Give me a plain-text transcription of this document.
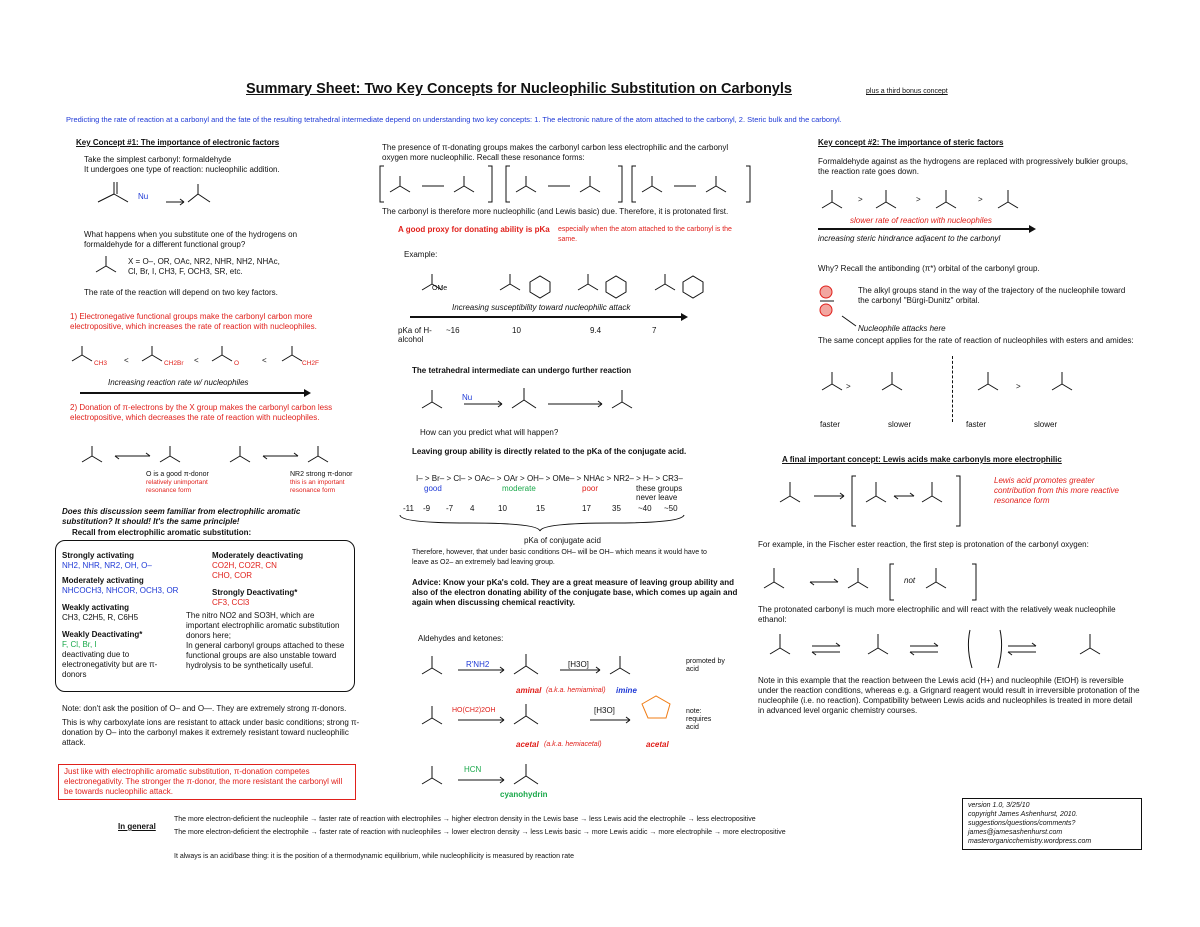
Summary Sheet: Two Key Concepts for Nucleophilic Substitution on Carbonyls	plus a third bonus concept
Predicting the rate of reaction at a carbonyl and the fate of the resulting tetrahedral intermediate depend on understanding two key concepts: 1. The electronic nature of the atom attached to the carbonyl, 2. Steric bulk and the carbonyl.
Key Concept #1: The importance of electronic factors
Take the simplest carbonyl: formaldehyde
It undergoes one type of reaction: nucleophilic addition.
Nu
What happens when you substitute one of the hydrogens on formaldehyde for a different functional group?
X = O–, OR, OAc, NR2, NHR, NH2, NHAc,
Cl, Br, I, CH3, F, OCH3, SR, etc.
The rate of the reaction will depend on two key factors.
1) Electronegative functional groups make the carbonyl carbon more electropositive, which increases the rate of reaction with nucleophiles.
CH3	CH2Br	O	CH2F
<	<	<
Increasing reaction rate w/ nucleophiles
2) Donation of π-electrons by the X group makes the carbonyl carbon less electropositive, which decreases the rate of reaction with nucleophiles.
O is a good π-donor
relatively unimportant resonance form
NR2 strong π-donor
this is an important resonance form
Does this discussion seem familiar from electrophilic aromatic substitution? It should! It's the same principle!
Recall from electrophilic aromatic substitution:
Strongly activating
NH2, NHR, NR2, OH, O–
Moderately activating
NHCOCH3, NHCOR, OCH3, OR
Weakly activating
CH3, C2H5, R, C6H5
Weakly Deactivating*
F, Cl, Br, I
deactivating due to electronegativity but are π-donors
Moderately deactivating
CO2H, CO2R, CN
CHO, COR
Strongly Deactivating*
CF3, CCl3
The nitro NO2 and SO3H, which are important electrophilic aromatic substitution donors here;
In general carbonyl groups attached to these functional groups are also unstable toward hydrolysis to be synthetically useful.
Note: don't ask the position of O– and O—. They are extremely strong π-donors.
This is why carboxylate ions are resistant to attack under basic conditions; strong π-donation by O– into the carbonyl makes it extremely resistant toward nucleophilic attack.
Just like with electrophilic aromatic substitution, π-donation competes electronegativity. The stronger the π-donor, the more resistant the carbonyl will be towards nucleophilic attack.
The presence of π-donating groups makes the carbonyl carbon less electrophilic and the carbonyl oxygen more nucleophilic. Recall these resonance forms:
The carbonyl is therefore more nucleophilic (and Lewis basic) due. Therefore, it is protonated first.
A good proxy for donating ability is pKa especially when the atom attached to the carbonyl is the same.
Example:
OMe
Increasing susceptibility toward nucleophilic attack
pKa of H-alcohol
~16	10	9.4	7
The tetrahedral intermediate can undergo further reaction
Nu
How can you predict what will happen?
Leaving group ability is directly related to the pKa of the conjugate acid.
I– > Br– > Cl– > OAc– > OAr > OH– > OMe– > NHAc > NR2– > H– > CR3–
good	moderate	poor	these groups never leave
-11 -9 -7 4	10	15	17	35 ~40 ~50
pKa of conjugate acid
Therefore, however, that under basic conditions OH– will be OH– which means it would have to leave as O2– an extremely bad leaving group.
Advice: Know your pKa's cold. They are a great measure of leaving group ability and also of the electron donating ability of the conjugate base, which comes up again and again when discussing chemical reactivity.
Aldehydes and ketones:
R'NH2	[H3O]
aminal (a.k.a. hemiaminal) imine
promoted by acid
HO(CH2)2OH	[H3O]
acetal (a.k.a. hemiacetal)	acetal
note: requires acid
HCN
cyanohydrin
Key concept #2: The importance of steric factors
Formaldehyde against as the hydrogens are replaced with progressively bulkier groups, the reaction rate goes down.
>	>	>
slower rate of reaction with nucleophiles
increasing steric hindrance adjacent to the carbonyl
Why? Recall the antibonding (π*) orbital of the carbonyl group.
The alkyl groups stand in the way of the trajectory of the nucleophile toward the carbonyl "Bürgi-Dunitz" orbital.
Nucleophile attacks here
The same concept applies for the rate of reaction of nucleophiles with esters and amides:
>	>
faster	slower	faster	slower
A final important concept: Lewis acids make carbonyls more electrophilic
Lewis acid promotes greater contribution from this more reactive resonance form
For example, in the Fischer ester reaction, the first step is protonation of the carbonyl oxygen:
not
The protonated carbonyl is much more electrophilic and will react with the relatively weak nucleophile ethanol:
Note in this example that the reaction between the Lewis acid (H+) and nucleophile (EtOH) is reversible under the reaction conditions, whereas e.g. a Grignard reagent would result in irreversible protonation of the nucleophile (i.e. no reaction). Compatibility between Lewis acids and nucleophiles is treated in more detail in advanced level organic chemistry courses.
In general
The more electron-deficient the nucleophile → faster rate of reaction with electrophiles → higher electron density in the Lewis base → less Lewis acid the electrophile → less electropositive
The more electron-deficient the electrophile → faster rate of reaction with nucleophiles → lower electron density → less Lewis basic → more Lewis acidic → more electrophile → more electropositive
It always is an acid/base thing: it is the position of a thermodynamic equilibrium, while nucleophilicity is measured by reaction rate
version 1.0, 3/25/10
copyright James Ashenhurst, 2010.
suggestions/questions/comments?
james@jamesashenhurst.com
masterorganicchemistry.wordpress.com
